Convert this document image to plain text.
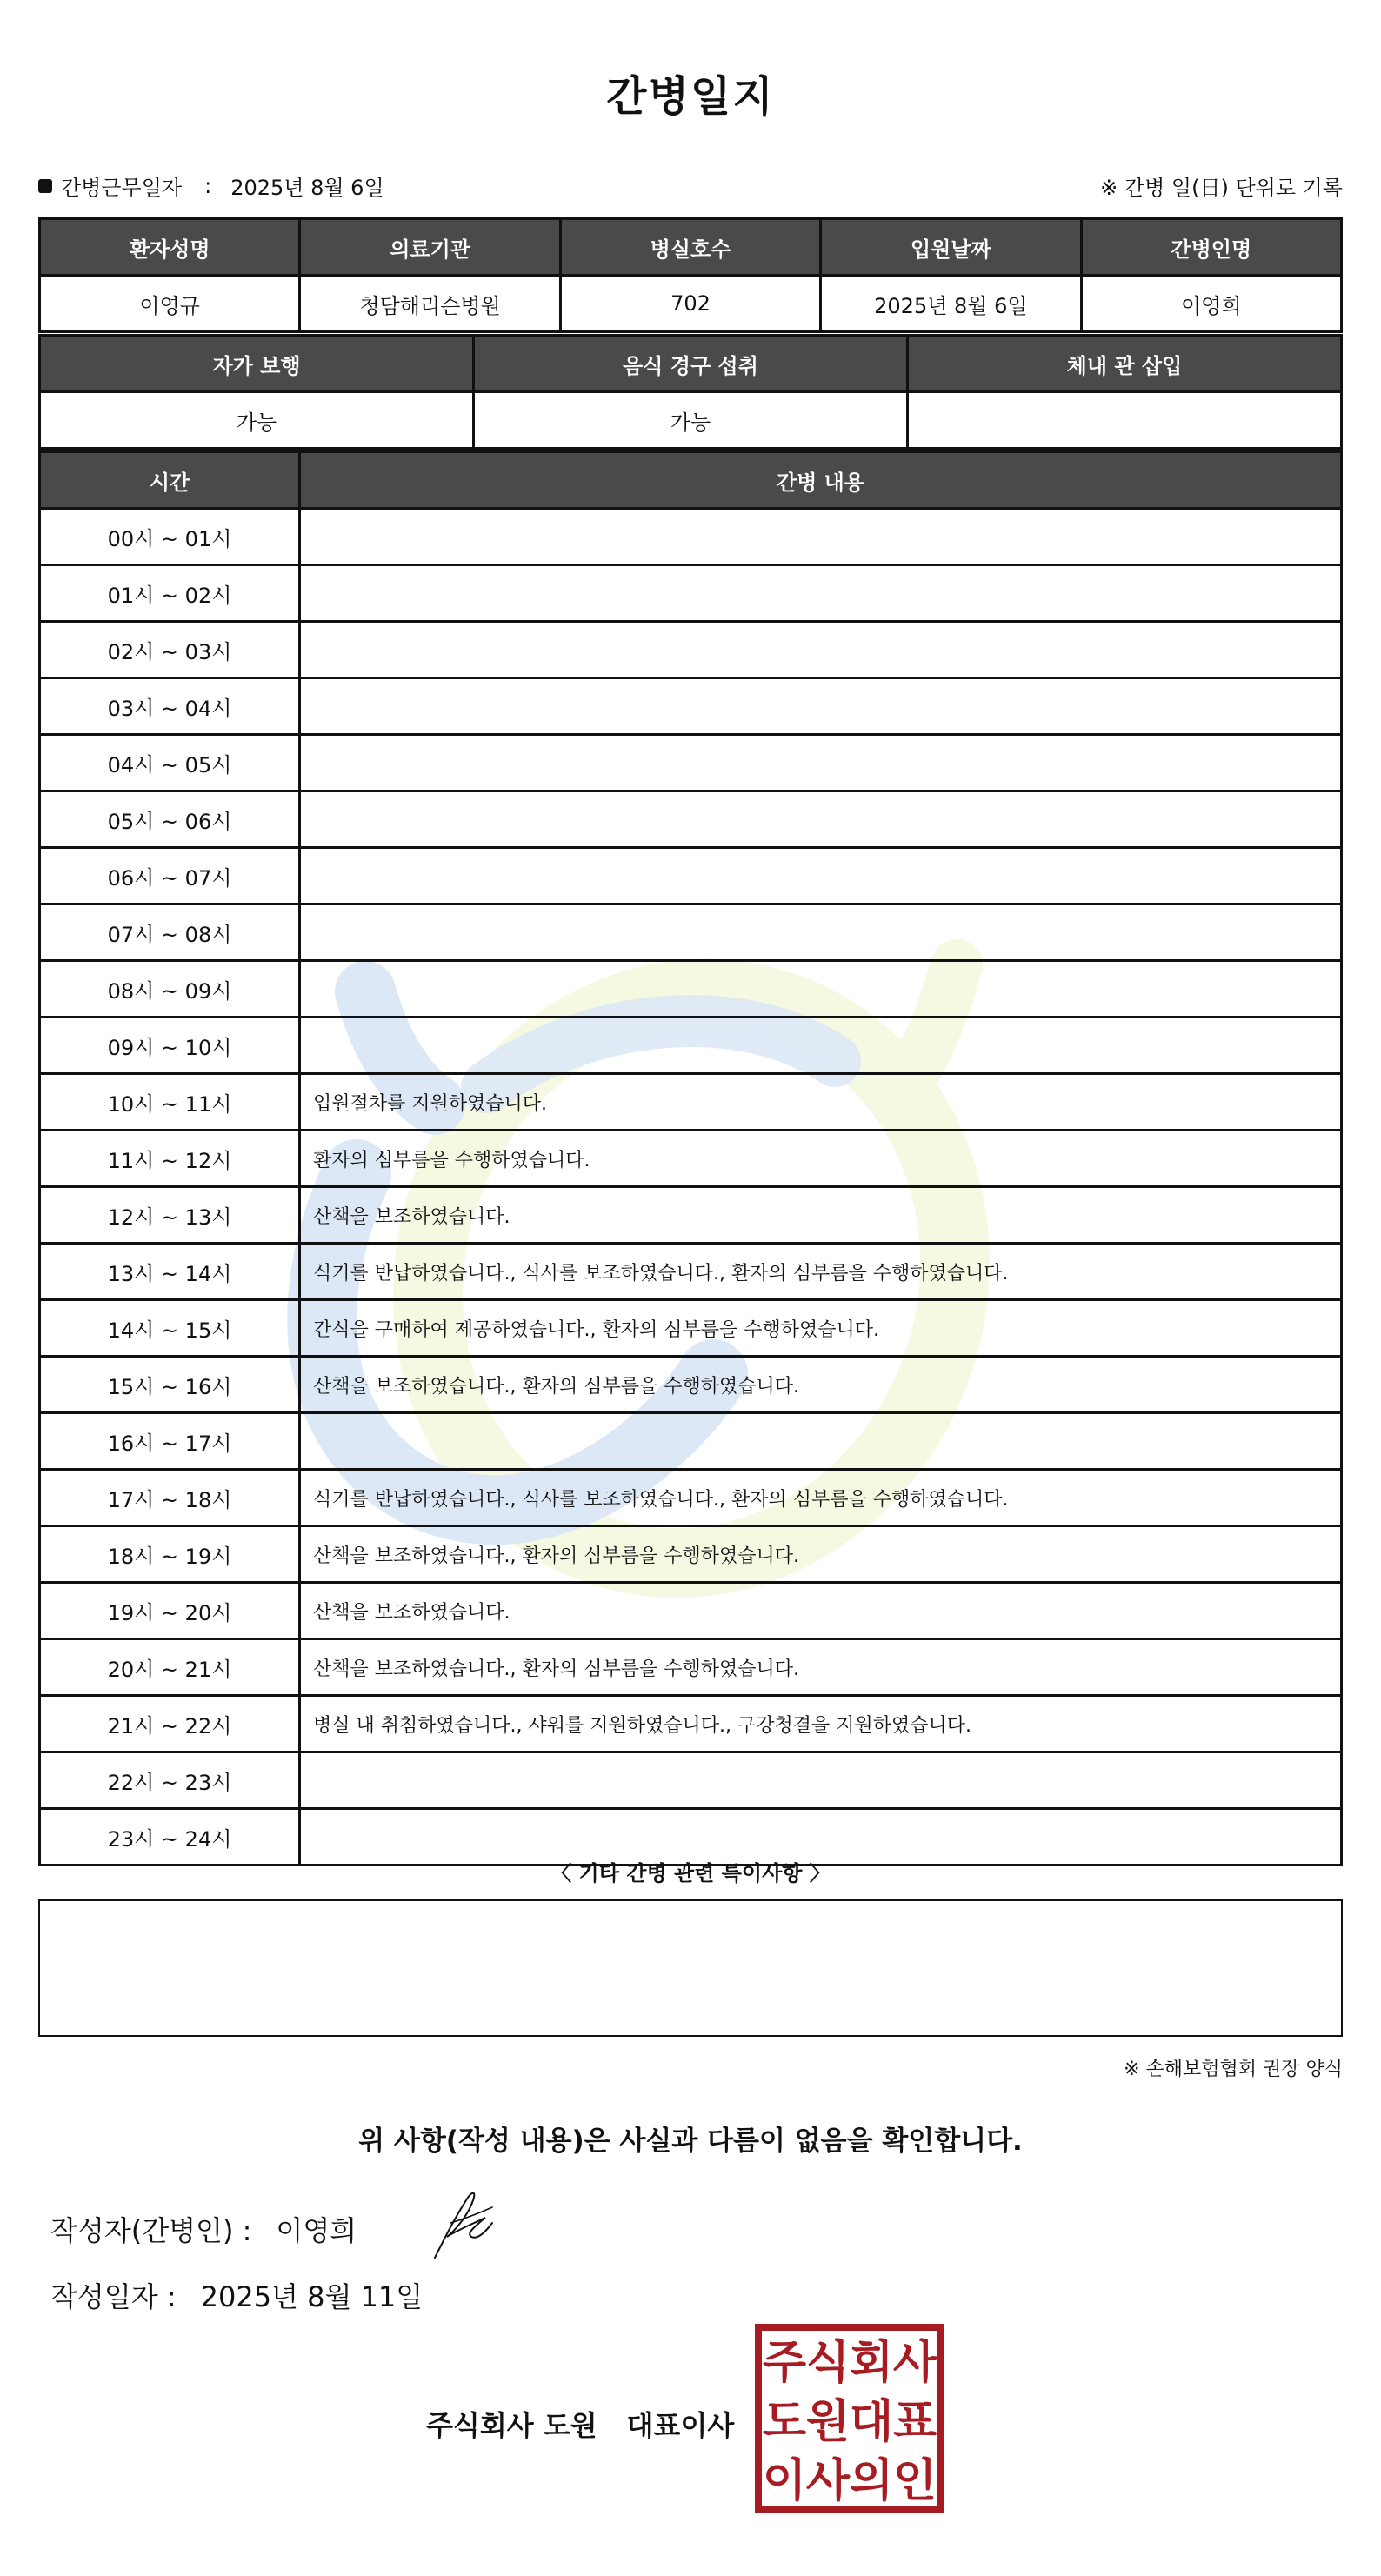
간병일지
간병근무일자 : 2025년 8월 6일	※ 간병 일(日) 단위로 기록
환자성명	의료기관	병실호수	입원날짜	간병인명
이영규	청담해리슨병원	702	2025년 8월 6일	이영희
자가 보행	음식 경구 섭취	체내 관 삽입
가능	가능	
시간	간병 내용
00시 ~ 01시	
01시 ~ 02시	
02시 ~ 03시	
03시 ~ 04시	
04시 ~ 05시	
05시 ~ 06시	
06시 ~ 07시	
07시 ~ 08시	
08시 ~ 09시	
09시 ~ 10시	
10시 ~ 11시	입원절차를 지원하였습니다.
11시 ~ 12시	환자의 심부름을 수행하였습니다.
12시 ~ 13시	산책을 보조하였습니다.
13시 ~ 14시	식기를 반납하였습니다., 식사를 보조하였습니다., 환자의 심부름을 수행하였습니다.
14시 ~ 15시	간식을 구매하여 제공하였습니다., 환자의 심부름을 수행하였습니다.
15시 ~ 16시	산책을 보조하였습니다., 환자의 심부름을 수행하였습니다.
16시 ~ 17시	
17시 ~ 18시	식기를 반납하였습니다., 식사를 보조하였습니다., 환자의 심부름을 수행하였습니다.
18시 ~ 19시	산책을 보조하였습니다., 환자의 심부름을 수행하였습니다.
19시 ~ 20시	산책을 보조하였습니다.
20시 ~ 21시	산책을 보조하였습니다., 환자의 심부름을 수행하였습니다.
21시 ~ 22시	병실 내 취침하였습니다., 샤워를 지원하였습니다., 구강청결을 지원하였습니다.
22시 ~ 23시	
23시 ~ 24시	
〈 기타 간병 관련 특이사항 〉
※ 손해보험협회 권장 양식
위 사항(작성 내용)은 사실과 다름이 없음을 확인합니다.
작성자(간병인) : 이영희
작성일자 : 2025년 8월 11일
주식회사 도원 대표이사
주 식 회 사
도 원 대 표
이 사 의 인
